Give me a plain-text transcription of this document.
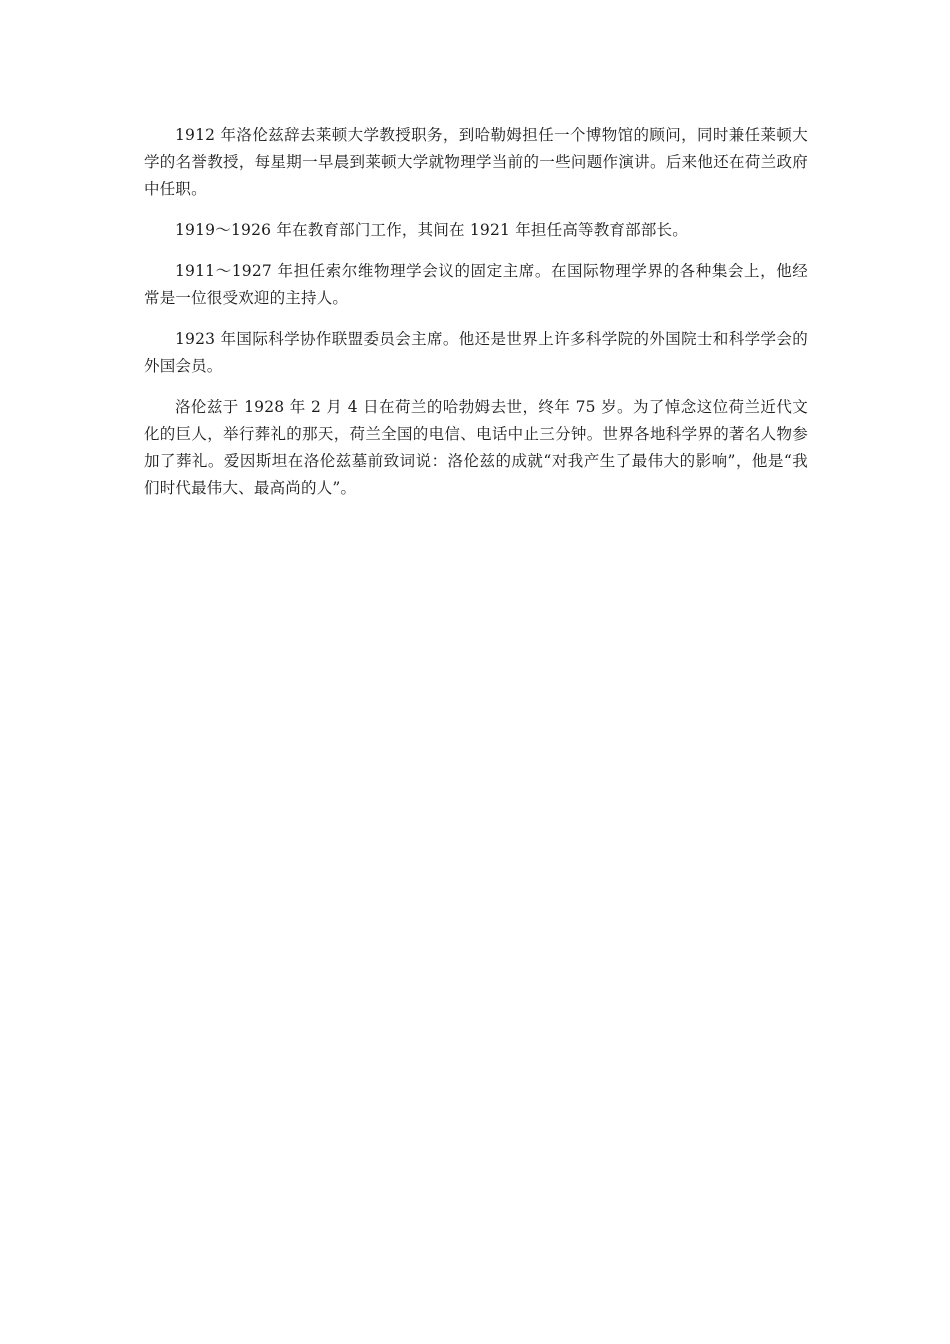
1912 年洛伦兹辞去莱顿大学教授职务，到哈勒姆担任一个博物馆的顾问，同时兼任莱顿大学的名誉教授，每星期一早晨到莱顿大学就物理学当前的一些问题作演讲。后来他还在荷兰政府中任职。

1919～1926 年在教育部门工作，其间在 1921 年担任高等教育部部长。

1911～1927 年担任索尔维物理学会议的固定主席。在国际物理学界的各种集会上，他经常是一位很受欢迎的主持人。

1923 年国际科学协作联盟委员会主席。他还是世界上许多科学院的外国院士和科学学会的外国会员。

洛伦兹于 1928 年 2 月 4 日在荷兰的哈勃姆去世，终年 75 岁。为了悼念这位荷兰近代文化的巨人，举行葬礼的那天，荷兰全国的电信、电话中止三分钟。世界各地科学界的著名人物参加了葬礼。爱因斯坦在洛伦兹墓前致词说：洛伦兹的成就“对我产生了最伟大的影响”，他是“我们时代最伟大、最高尚的人”。
